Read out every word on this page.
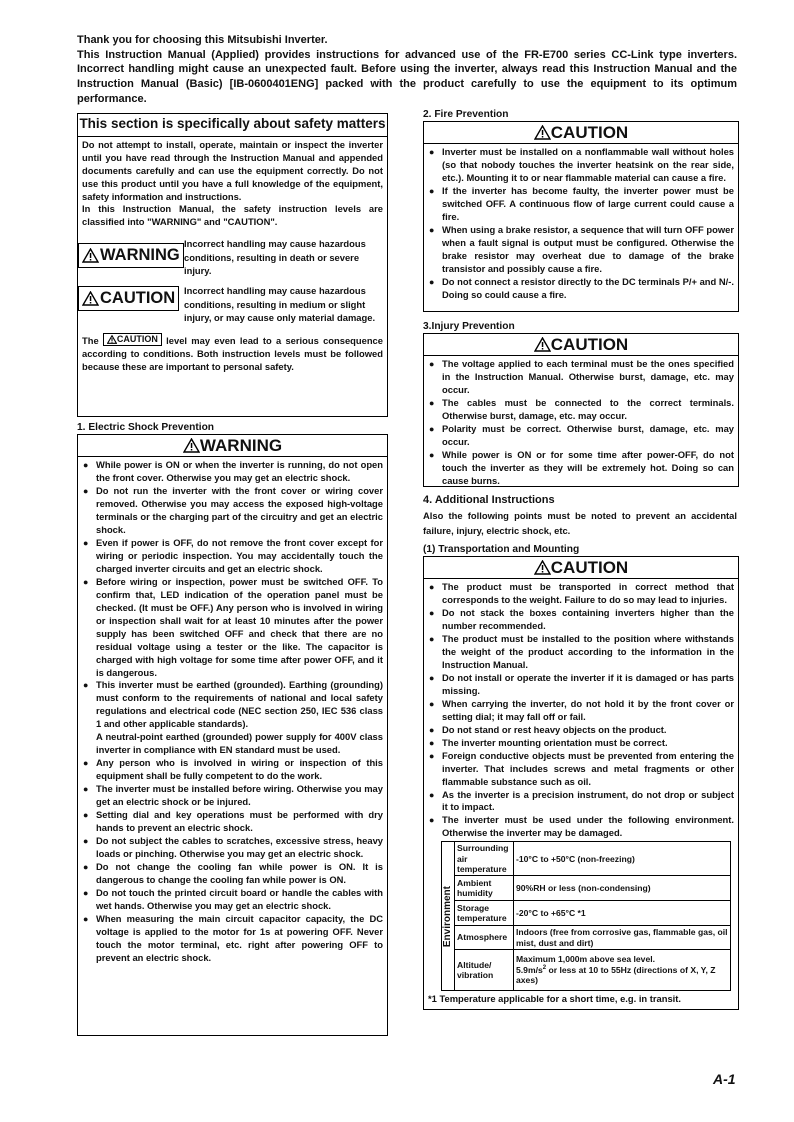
Thank you for choosing this Mitsubishi Inverter.

This Instruction Manual (Applied) provides instructions for advanced use of the FR-E700 series CC-Link type inverters. Incorrect handling might cause an unexpected fault. Before using the inverter, always read this Instruction Manual and the Instruction Manual (Basic) [IB-0600401ENG] packed with the product carefully to use the equipment to its optimum performance.

This section is specifically about safety matters
Do not attempt to install, operate, maintain or inspect the inverter until you have read through the Instruction Manual and appended documents carefully and can use the equipment correctly. Do not use this product until you have a full knowledge of the equipment, safety information and instructions.
In this Instruction Manual, the safety instruction levels are classified into "WARNING" and "CAUTION".
WARNING
Incorrect handling may cause hazardous conditions, resulting in death or severe injury.
CAUTION Incorrect handling may cause hazardous conditions, resulting in medium or slight injury, or may cause only material damage.
The CAUTION level may even lead to a serious consequence according to conditions. Both instruction levels must be followed because these are important to personal safety.
1. Electric Shock Prevention
WARNING
● While power is ON or when the inverter is running, do not open the front cover. Otherwise you may get an electric shock.
● Do not run the inverter with the front cover or wiring cover removed. Otherwise you may access the exposed high-voltage terminals or the charging part of the circuitry and get an electric shock.
● Even if power is OFF, do not remove the front cover except for wiring or periodic inspection. You may accidentally touch the charged inverter circuits and get an electric shock.
● Before wiring or inspection, power must be switched OFF. To confirm that, LED indication of the operation panel must be checked. (It must be OFF.) Any person who is involved in wiring or inspection shall wait for at least 10 minutes after the power supply has been switched OFF and check that there are no residual voltage using a tester or the like. The capacitor is charged with high voltage for some time after power OFF, and it is dangerous.
● This inverter must be earthed (grounded). Earthing (grounding) must conform to the requirements of national and local safety regulations and electrical code (NEC section 250, IEC 536 class 1 and other applicable standards).
A neutral-point earthed (grounded) power supply for 400V class inverter in compliance with EN standard must be used.
● Any person who is involved in wiring or inspection of this equipment shall be fully competent to do the work.
● The inverter must be installed before wiring. Otherwise you may get an electric shock or be injured.
● Setting dial and key operations must be performed with dry hands to prevent an electric shock.
● Do not subject the cables to scratches, excessive stress, heavy loads or pinching. Otherwise you may get an electric shock.
● Do not change the cooling fan while power is ON. It is dangerous to change the cooling fan while power is ON.
● Do not touch the printed circuit board or handle the cables with wet hands. Otherwise you may get an electric shock.
● When measuring the main circuit capacitor capacity, the DC voltage is applied to the motor for 1s at powering OFF. Never touch the motor terminal, etc. right after powering OFF to prevent an electric shock.
2. Fire Prevention
CAUTION
● Inverter must be installed on a nonflammable wall without holes (so that nobody touches the inverter heatsink on the rear side, etc.). Mounting it to or near flammable material can cause a fire.
● If the inverter has become faulty, the inverter power must be switched OFF. A continuous flow of large current could cause a fire.
● When using a brake resistor, a sequence that will turn OFF power when a fault signal is output must be configured. Otherwise the brake resistor may overheat due to damage of the brake transistor and possibly cause a fire.
● Do not connect a resistor directly to the DC terminals P/+ and N/-. Doing so could cause a fire.
3.Injury Prevention
CAUTION
● The voltage applied to each terminal must be the ones specified in the Instruction Manual. Otherwise burst, damage, etc. may occur.
● The cables must be connected to the correct terminals. Otherwise burst, damage, etc. may occur.
● Polarity must be correct. Otherwise burst, damage, etc. may occur.
● While power is ON or for some time after power-OFF, do not touch the inverter as they will be extremely hot. Doing so can cause burns.
4. Additional Instructions
Also the following points must be noted to prevent an accidental failure, injury, electric shock, etc.
(1) Transportation and Mounting
CAUTION
● The product must be transported in correct method that corresponds to the weight. Failure to do so may lead to injuries.
● Do not stack the boxes containing inverters higher than the number recommended.
● The product must be installed to the position where withstands the weight of the product according to the information in the Instruction Manual.
● Do not install or operate the inverter if it is damaged or has parts missing.
● When carrying the inverter, do not hold it by the front cover or setting dial; it may fall off or fail.
● Do not stand or rest heavy objects on the product.
● The inverter mounting orientation must be correct.
● Foreign conductive objects must be prevented from entering the inverter. That includes screws and metal fragments or other flammable substance such as oil.
● As the inverter is a precision instrument, do not drop or subject it to impact.
● The inverter must be used under the following environment. Otherwise the inverter may be damaged.
Environment	Surrounding air temperature	-10°C to +50°C (non-freezing)
	Ambient humidity	90%RH or less (non-condensing)
	Storage temperature	-20°C to +65°C *1
	Atmosphere	Indoors (free from corrosive gas, flammable gas, oil mist, dust and dirt)
	Altitude/ vibration	Maximum 1,000m above sea level.
$5.9m/s^2$ or less at 10 to 55Hz (directions of X, Y, Z axes)
*1 Temperature applicable for a short time, e.g. in transit.
A-1
